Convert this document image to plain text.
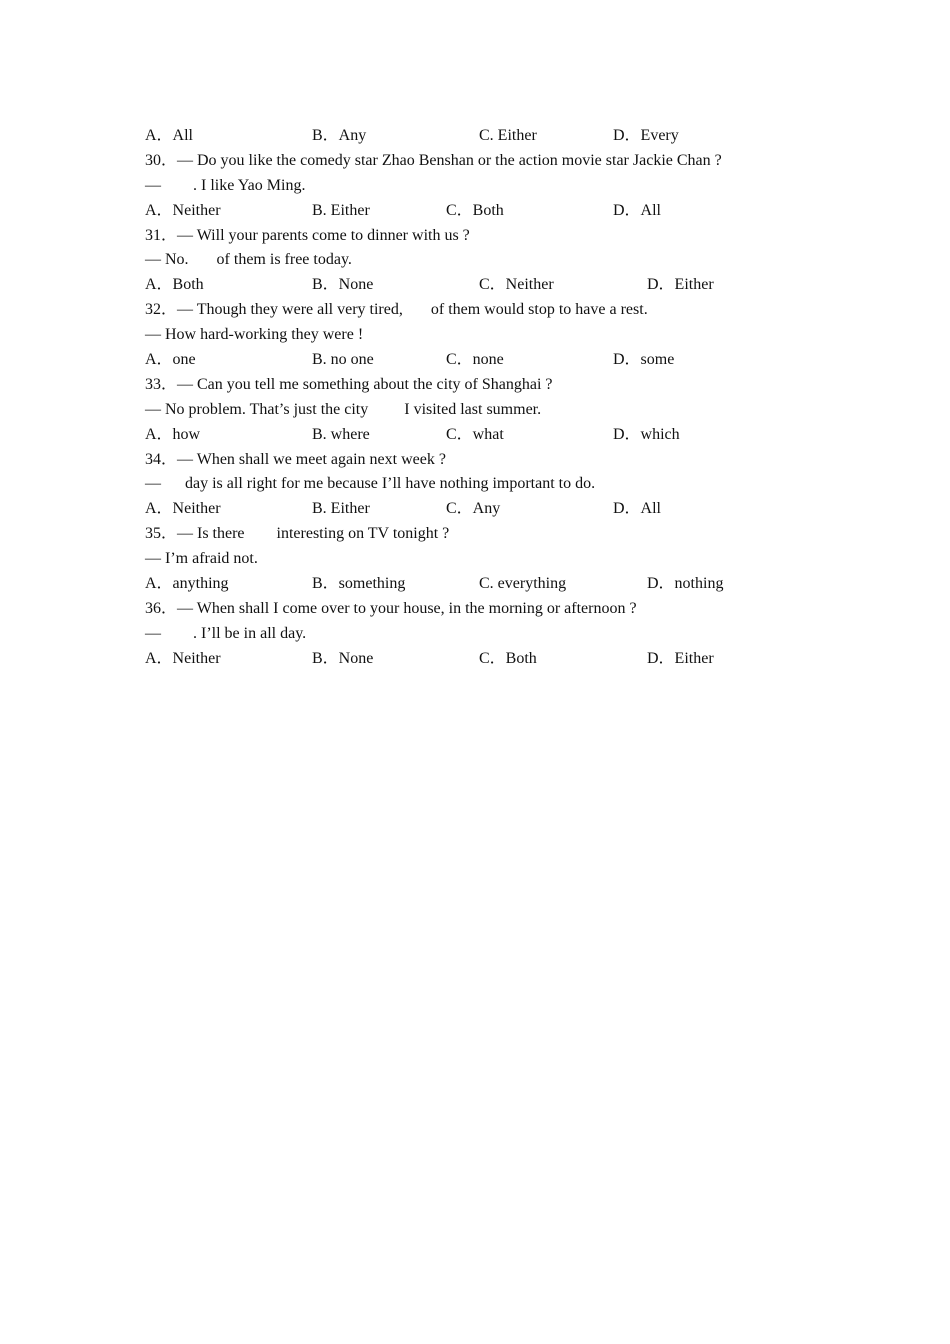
A．All	B．Any	C. Either	D．Every
30．— Do you like the comedy star Zhao Benshan or the action movie star Jackie Chan ?
—        . I like Yao Ming.
A．Neither	B. Either	C．Both	D．All
31．— Will your parents come to dinner with us ?
— No.       of them is free today.
A．Both	B．None	C．Neither	D．Either
32．— Though they were all very tired,       of them would stop to have a rest.
— How hard-working they were !
A．one	B. no one	C．none	D．some
33．— Can you tell me something about the city of Shanghai ?
— No problem. That’s just the city         I visited last summer.
A．how	B. where	C．what	D．which
34．— When shall we meet again next week ?
—      day is all right for me because I’ll have nothing important to do.
A．Neither	B. Either	C．Any	D．All
35．— Is there        interesting on TV tonight ?
— I’m afraid not.
A．anything	B．something	C. everything	D．nothing
36．— When shall I come over to your house, in the morning or afternoon ?
—        . I’ll be in all day.
A．Neither	B．None	C．Both	D．Either
